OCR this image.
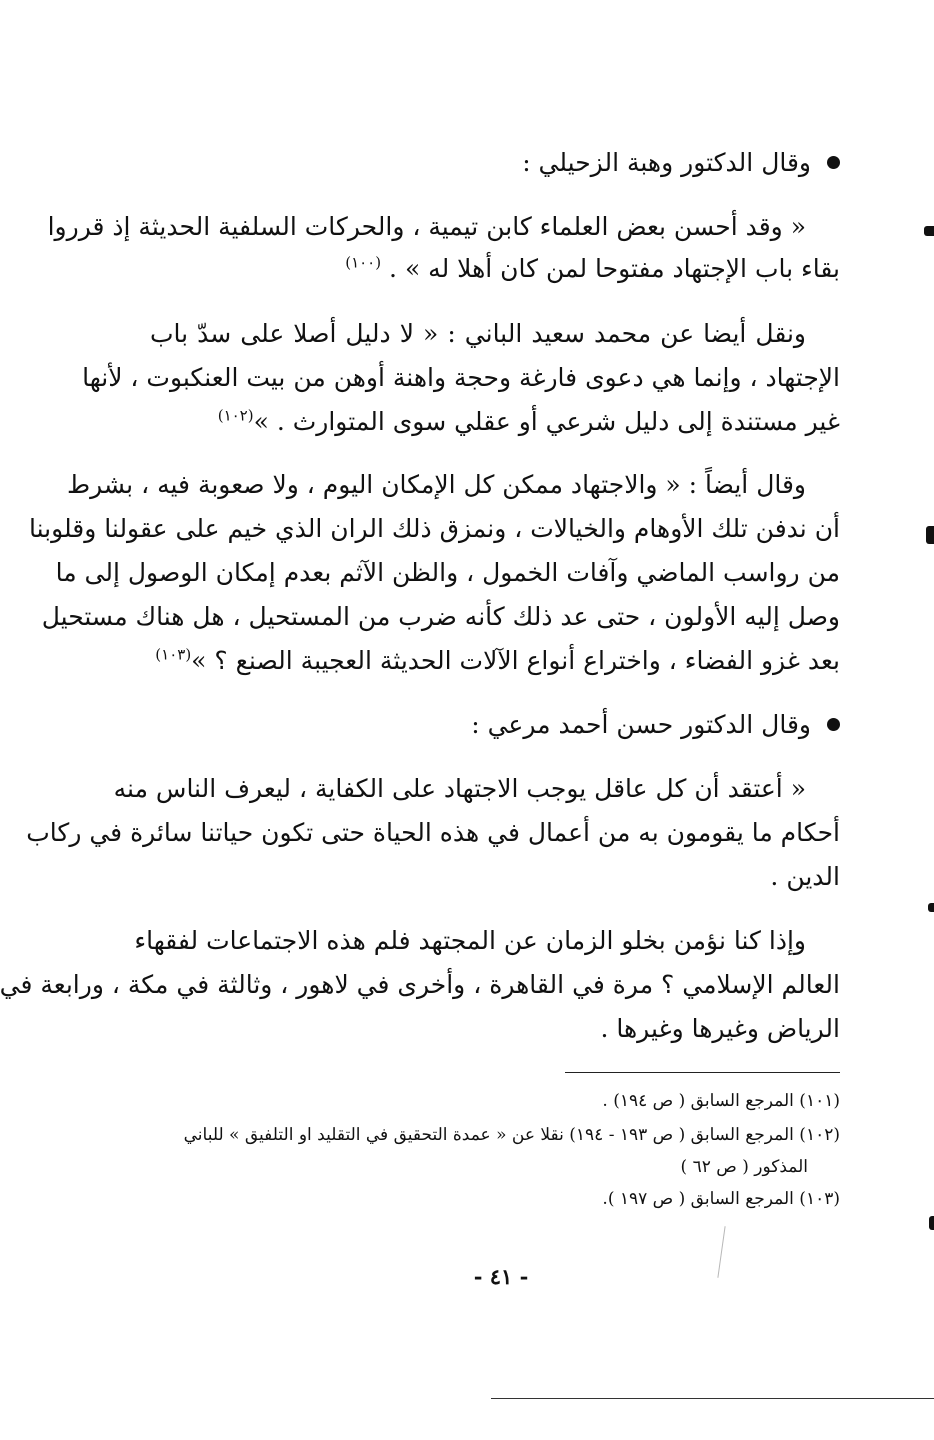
وقال الدكتور وهبة الزحيلي :
« وقد أحسن بعض العلماء كابن تيمية ، والحركات السلفية الحديثة إذ قرروا
بقاء باب الإجتهاد مفتوحا لمن كان أهلا له » . $^{(١٠٠)}$
ونقل أيضا عن محمد سعيد الباني : « لا دليل أصلا على سدّ باب
الإجتهاد ، وإنما هي دعوى فارغة وحجة واهنة أوهن من بيت العنكبوت ، لأنها
غير مستندة إلى دليل شرعي أو عقلي سوى المتوارث . »$^{(١٠٢)}$
وقال أيضاً : « والاجتهاد ممكن كل الإمكان اليوم ، ولا صعوبة فيه ، بشرط
أن ندفن تلك الأوهام والخيالات ، ونمزق ذلك الران الذي خيم على عقولنا وقلوبنا
من رواسب الماضي وآفات الخمول ، والظن الآثم بعدم إمكان الوصول إلى ما
وصل إليه الأولون ، حتى عد ذلك كأنه ضرب من المستحيل ، هل هناك مستحيل
بعد غزو الفضاء ، واختراع أنواع الآلات الحديثة العجيبة الصنع ؟ »$^{(١٠٣)}$
وقال الدكتور حسن أحمد مرعي :
« أعتقد أن كل عاقل يوجب الاجتهاد على الكفاية ، ليعرف الناس منه
أحكام ما يقومون به من أعمال في هذه الحياة حتى تكون حياتنا سائرة في ركاب
الدين .
وإذا كنا نؤمن بخلو الزمان عن المجتهد فلم هذه الاجتماعات لفقهاء
العالم الإسلامي ؟ مرة في القاهرة ، وأخرى في لاهور ، وثالثة في مكة ، ورابعة في
الرياض وغيرها وغيرها .
(١٠١) المرجع السابق ( ص ١٩٤) .
(١٠٢) المرجع السابق ( ص ١٩٣ - ١٩٤) نقلا عن « عمدة التحقيق في التقليد او التلفيق » للباني
المذكور ( ص ٦٢ )
(١٠٣) المرجع السابق ( ص ١٩٧ ).
- ٤١ -
